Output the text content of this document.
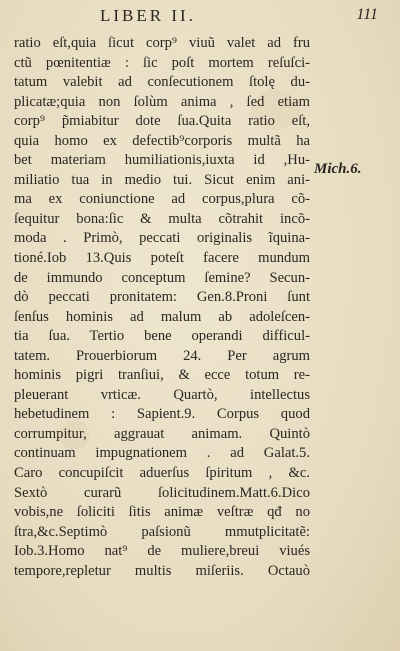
LIBER II.	111
ratio eſt,quia ſicut corp⁹ viuũ valet ad fru
ctũ pœnitentiæ : ſic poſt mortem reſuſci-
tatum valebit ad conſecutionem ſtolę du-
plicatæ;quia non ſolùm anima , ſed etiam
corp⁹ p̃miabitur dote ſua.Quita ratio eſt,
quia homo ex defectib⁹corporis multã ha
bet materiam humiliationis,iuxta id ,Hu-
miliatio tua in medio tui. Sicut enim ani-
ma ex coniunctione ad corpus,plura cõ-
ſequitur bona:ſic & multa cõtrahit incõ-
moda . Primò, peccati originalis ĩquina-
tioné.Iob 13.Quis poteſt facere mundum
de immundo conceptum ſemine? Secun-
dò peccati pronitatem: Gen.8.Proni ſunt
ſenſus hominis ad malum ab adoleſcen-
tia ſua. Tertio bene operandi difficul-
tatem. Prouerbiorum 24. Per agrum
hominis pigri tranſiui, & ecce totum re-
pleuerant vrticæ. Quartò, intellectus
hebetudinem : Sapient.9. Corpus quod
corrumpitur, aggrauat animam. Quintò
continuam impugnationem . ad Galat.5.
Caro concupiſcit aduerſus ſpiritum , &c.
Sextò curarũ ſolicitudinem.Matt.6.Dico
vobis,ne ſoliciti ſitis animæ veſtræ qđ no
ſtra,&c.Septimò paſsionũ mmutplicitatẽ:
Iob.3.Homo nat⁹ de muliere,breui viués
tempore,repletur multis miſeriis. Octauò
Mich.6.
